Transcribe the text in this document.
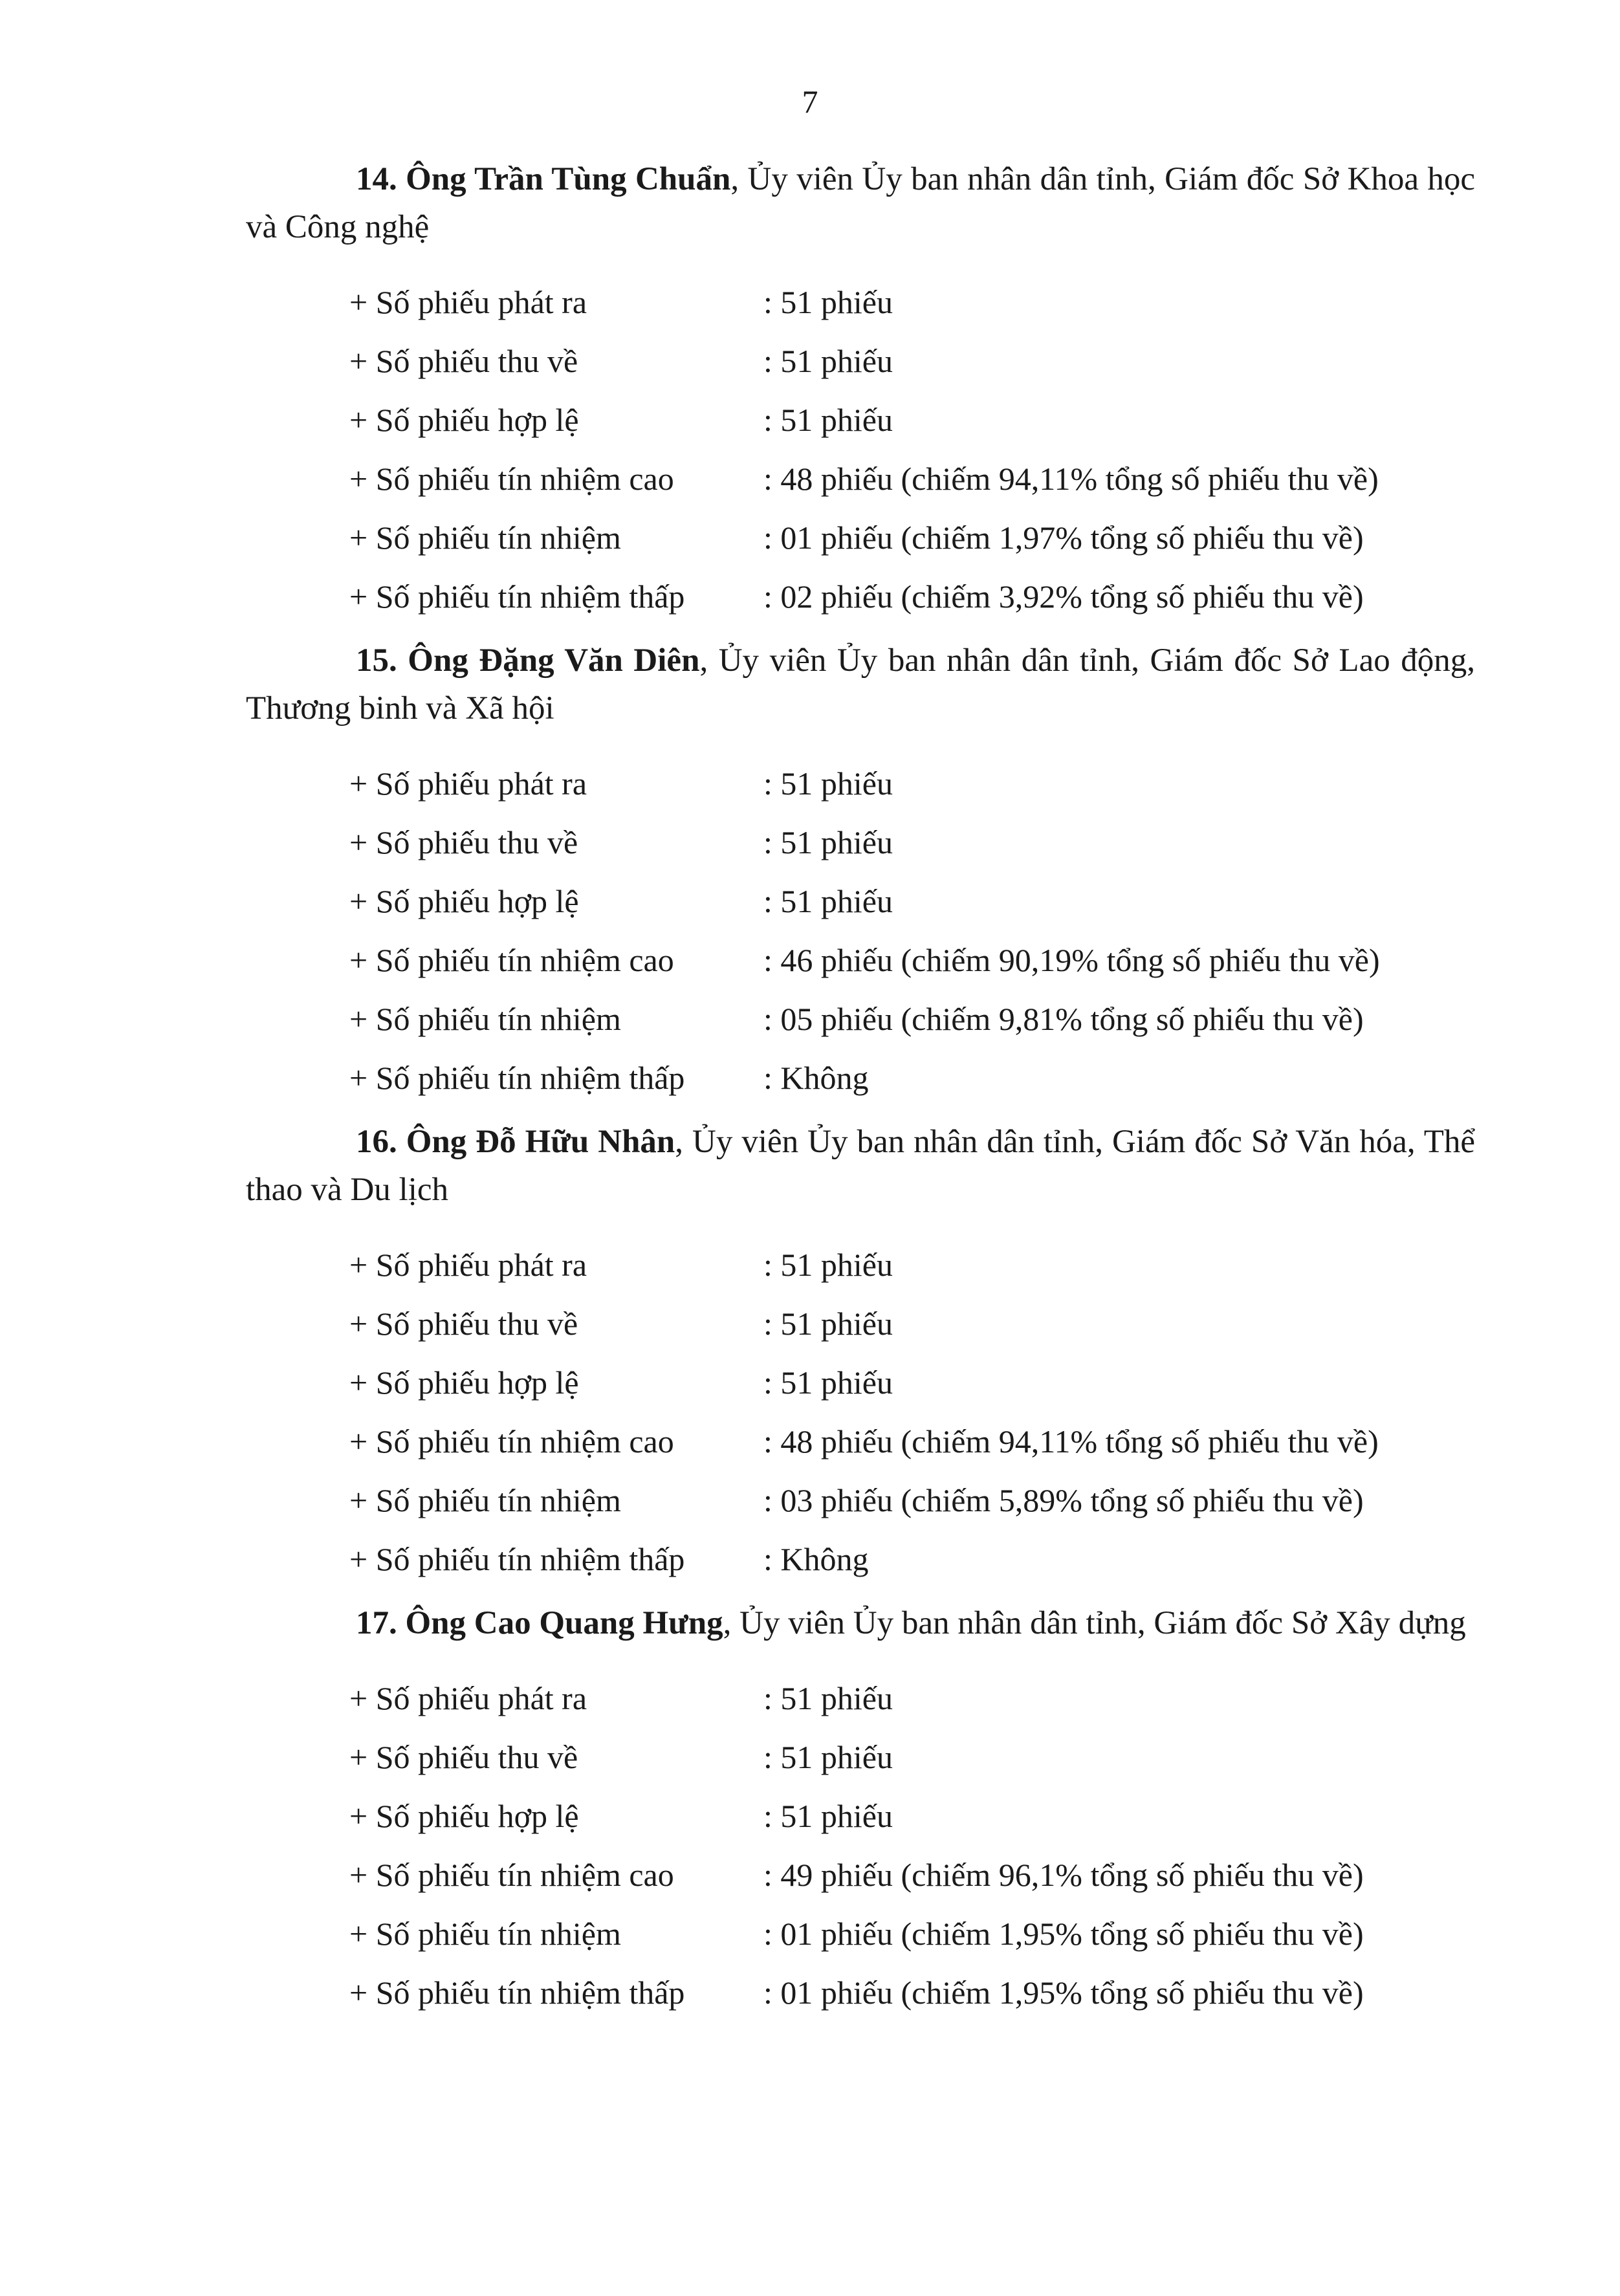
7

14. Ông Trần Tùng Chuẩn, Ủy viên Ủy ban nhân dân tỉnh, Giám đốc Sở Khoa học và Công nghệ

+ Số phiếu phát ra	: 51 phiếu
+ Số phiếu thu về	: 51 phiếu
+ Số phiếu hợp lệ	: 51 phiếu
+ Số phiếu tín nhiệm cao	: 48 phiếu (chiếm 94,11% tổng số phiếu thu về)
+ Số phiếu tín nhiệm	: 01 phiếu (chiếm 1,97% tổng số phiếu thu về)
+ Số phiếu tín nhiệm thấp	: 02 phiếu (chiếm 3,92% tổng số phiếu thu về)

15. Ông Đặng Văn Diên, Ủy viên Ủy ban nhân dân tỉnh, Giám đốc Sở Lao động, Thương binh và Xã hội

+ Số phiếu phát ra	: 51 phiếu
+ Số phiếu thu về	: 51 phiếu
+ Số phiếu hợp lệ	: 51 phiếu
+ Số phiếu tín nhiệm cao	: 46 phiếu (chiếm 90,19% tổng số phiếu thu về)
+ Số phiếu tín nhiệm	: 05 phiếu (chiếm 9,81% tổng số phiếu thu về)
+ Số phiếu tín nhiệm thấp	: Không

16. Ông Đỗ Hữu Nhân, Ủy viên Ủy ban nhân dân tỉnh, Giám đốc Sở Văn hóa, Thể thao và Du lịch

+ Số phiếu phát ra	: 51 phiếu
+ Số phiếu thu về	: 51 phiếu
+ Số phiếu hợp lệ	: 51 phiếu
+ Số phiếu tín nhiệm cao	: 48 phiếu (chiếm 94,11% tổng số phiếu thu về)
+ Số phiếu tín nhiệm	: 03 phiếu (chiếm 5,89% tổng số phiếu thu về)
+ Số phiếu tín nhiệm thấp	: Không

17. Ông Cao Quang Hưng, Ủy viên Ủy ban nhân dân tỉnh, Giám đốc Sở Xây dựng

+ Số phiếu phát ra	: 51 phiếu
+ Số phiếu thu về	: 51 phiếu
+ Số phiếu hợp lệ	: 51 phiếu
+ Số phiếu tín nhiệm cao	: 49 phiếu (chiếm 96,1% tổng số phiếu thu về)
+ Số phiếu tín nhiệm	: 01 phiếu (chiếm 1,95% tổng số phiếu thu về)
+ Số phiếu tín nhiệm thấp	: 01 phiếu (chiếm 1,95% tổng số phiếu thu về)
